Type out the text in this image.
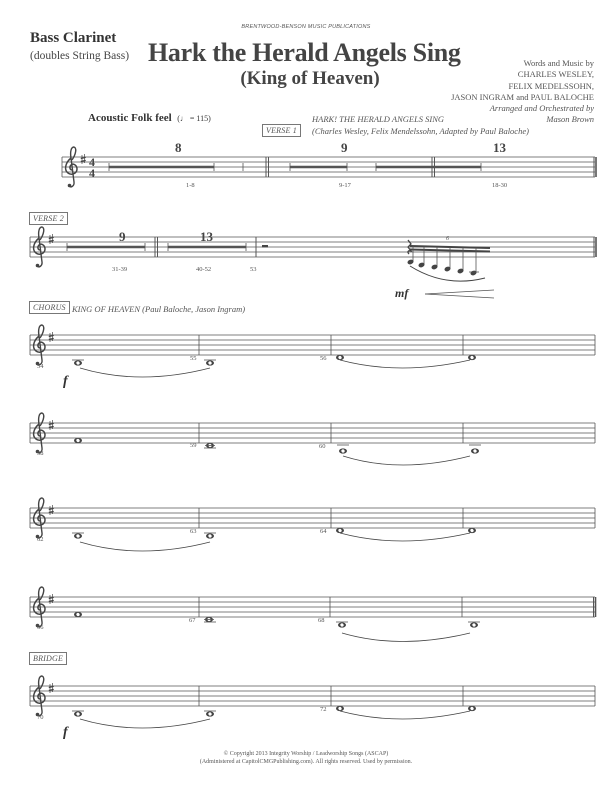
BRENTWOOD-BENSON MUSIC PUBLICATIONS
Bass Clarinet
(doubles String Bass) Hark the Herald Angels Sing
(King of Heaven)
Words and Music by
CHARLES WESLEY,
FELIX MEDELSSOHN,
JASON INGRAM and PAUL BALOCHE
Arranged and Orchestrated by
Mason Brown
Acoustic Folk feel (♩ = 115)
VERSE 1
HARK! THE HERALD ANGELS SING
(Charles Wesley, Felix Mendelssohn, Adapted by Paul Baloche)
VERSE 2
CHORUS KING OF HEAVEN (Paul Baloche, Jason Ingram)
BRIDGE
4
4
8	9	13
1-8	9-17	18-30
9	13
31-39	40-52	53
6
mf
54
55	56
f
58
59	60
62
63	64
66
67	68
70
72
f
© Copyright 2013 Integrity Worship / Leadworship Songs (ASCAP)
(Administered at CapitolCMGPublishing.com). All rights reserved. Used by permission.
